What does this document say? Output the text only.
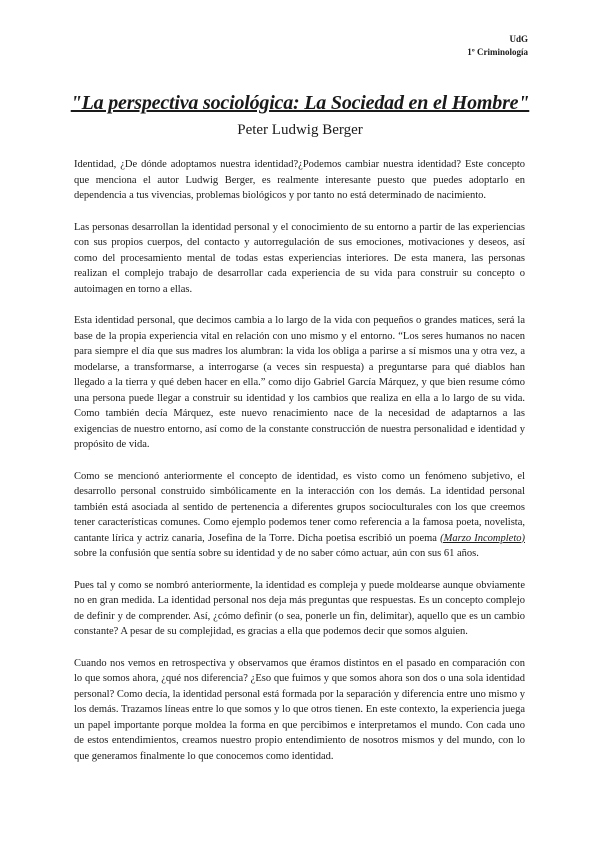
UdG
1º Criminología
"La perspectiva sociológica: La Sociedad en el Hombre"
Peter Ludwig Berger

Identidad, ¿De dónde adoptamos nuestra identidad?¿Podemos cambiar nuestra identidad? Este concepto que menciona el autor Ludwig Berger, es realmente interesante puesto que puedes adoptarlo en dependencia a tus vivencias, problemas biológicos y por tanto no está determinado de nacimiento.

Las personas desarrollan la identidad personal y el conocimiento de su entorno a partir de las experiencias con sus propios cuerpos, del contacto y autorregulación de sus emociones, motivaciones y deseos, así como del procesamiento mental de todas estas experiencias interiores. De esta manera, las personas realizan el complejo trabajo de desarrollar cada experiencia de su vida para construir su concepto o autoimagen en torno a ellas.

Esta identidad personal, que decimos cambia a lo largo de la vida con pequeños o grandes matices, será la base de la propia experiencia vital en relación con uno mismo y el entorno. “Los seres humanos no nacen para siempre el día que sus madres los alumbran: la vida los obliga a parirse a sí mismos una y otra vez, a modelarse, a transformarse, a interrogarse (a veces sin respuesta) a preguntarse para qué diablos han llegado a la tierra y qué deben hacer en ella.” como dijo Gabriel García Márquez, y que bien resume cómo una persona puede llegar a construir su identidad y los cambios que realiza en ella a lo largo de su vida. Como también decía Márquez, este nuevo renacimiento nace de la necesidad de adaptarnos a las exigencias de nuestro entorno, así como de la constante construcción de nuestra personalidad e identidad y propósito de vida.

Como se mencionó anteriormente el concepto de identidad, es visto como un fenómeno subjetivo, el desarrollo personal construido simbólicamente en la interacción con los demás. La identidad personal también está asociada al sentido de pertenencia a diferentes grupos socioculturales con los que creemos tener características comunes. Como ejemplo podemos tener como referencia a la famosa poeta, novelista, cantante lírica y actriz canaria, Josefina de la Torre. Dicha poetisa escribió un poema (Marzo Incompleto) sobre la confusión que sentía sobre su identidad y de no saber cómo actuar, aún con sus 61 años.

Pues tal y como se nombró anteriormente, la identidad es compleja y puede moldearse aunque obviamente no en gran medida. La identidad personal nos deja más preguntas que respuestas. Es un concepto complejo de definir y de comprender. Así, ¿cómo definir (o sea, ponerle un fin, delimitar), aquello que es un cambio constante? A pesar de su complejidad, es gracias a ella que podemos decir que somos alguien.

Cuando nos vemos en retrospectiva y observamos que éramos distintos en el pasado en comparación con lo que somos ahora, ¿qué nos diferencia? ¿Eso que fuimos y que somos ahora son dos o una sola identidad personal? Como decía, la identidad personal está formada por la separación y diferencia entre uno mismo y los demás. Trazamos líneas entre lo que somos y lo que otros tienen. En este contexto, la experiencia juega un papel importante porque moldea la forma en que percibimos e interpretamos el mundo. Con cada uno de estos entendimientos, creamos nuestro propio entendimiento de nosotros mismos y del mundo, con lo que generamos finalmente lo que conocemos como identidad.
